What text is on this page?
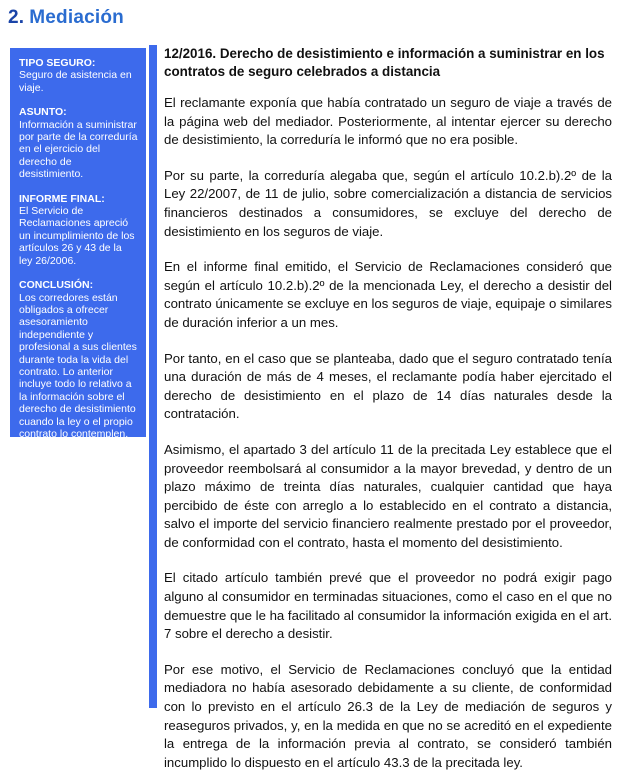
2. Mediación
TIPO SEGURO:
Seguro de asistencia en viaje.
ASUNTO:
Información a suministrar por parte de la correduría en el ejercicio del derecho de desistimiento.
INFORME FINAL:
El Servicio de Reclamaciones apreció un incumplimiento de los artículos 26 y 43 de la ley 26/2006.
CONCLUSIÓN:
Los corredores están obligados a ofrecer asesoramiento independiente y profesional a sus clientes durante toda la vida del contrato. Lo anterior incluye todo lo relativo a la información sobre el derecho de desistimiento cuando la ley o el propio contrato lo contemplen.
12/2016. Derecho de desistimiento e información a suministrar en los contratos de seguro celebrados a distancia

El reclamante exponía que había contratado un seguro de viaje a través de la página web del mediador. Posteriormente, al intentar ejercer su derecho de desistimiento, la correduría le informó que no era posible.

Por su parte, la correduría alegaba que, según el artículo 10.2.b).2º de la Ley 22/2007, de 11 de julio, sobre comercialización a distancia de servicios financieros destinados a consumidores, se excluye del derecho de desistimiento en los seguros de viaje.

En el informe final emitido, el Servicio de Reclamaciones consideró que según el artículo 10.2.b).2º de la mencionada Ley, el derecho a desistir del contrato únicamente se excluye en los seguros de viaje, equipaje o similares de duración inferior a un mes.

Por tanto, en el caso que se planteaba, dado que el seguro contratado tenía una duración de más de 4 meses, el reclamante podía haber ejercitado el derecho de desistimiento en el plazo de 14 días naturales desde la contratación.

Asimismo, el apartado 3 del artículo 11 de la precitada Ley establece que el proveedor reembolsará al consumidor a la mayor brevedad, y dentro de un plazo máximo de treinta días naturales, cualquier cantidad que haya percibido de éste con arreglo a lo establecido en el contrato a distancia, salvo el importe del servicio financiero realmente prestado por el proveedor, de conformidad con el contrato, hasta el momento del desistimiento.

El citado artículo también prevé que el proveedor no podrá exigir pago alguno al consumidor en terminadas situaciones, como el caso en el que no demuestre que le ha facilitado al consumidor la información exigida en el art. 7 sobre el derecho a desistir.

Por ese motivo, el Servicio de Reclamaciones concluyó que la entidad mediadora no había asesorado debidamente a su cliente, de conformidad con lo previsto en el artículo 26.3 de la Ley de mediación de seguros y reaseguros privados, y, en la medida en que no se acreditó en el expediente la entrega de la información previa al contrato, se consideró también incumplido lo dispuesto en el artículo 43.3 de la precitada ley.
